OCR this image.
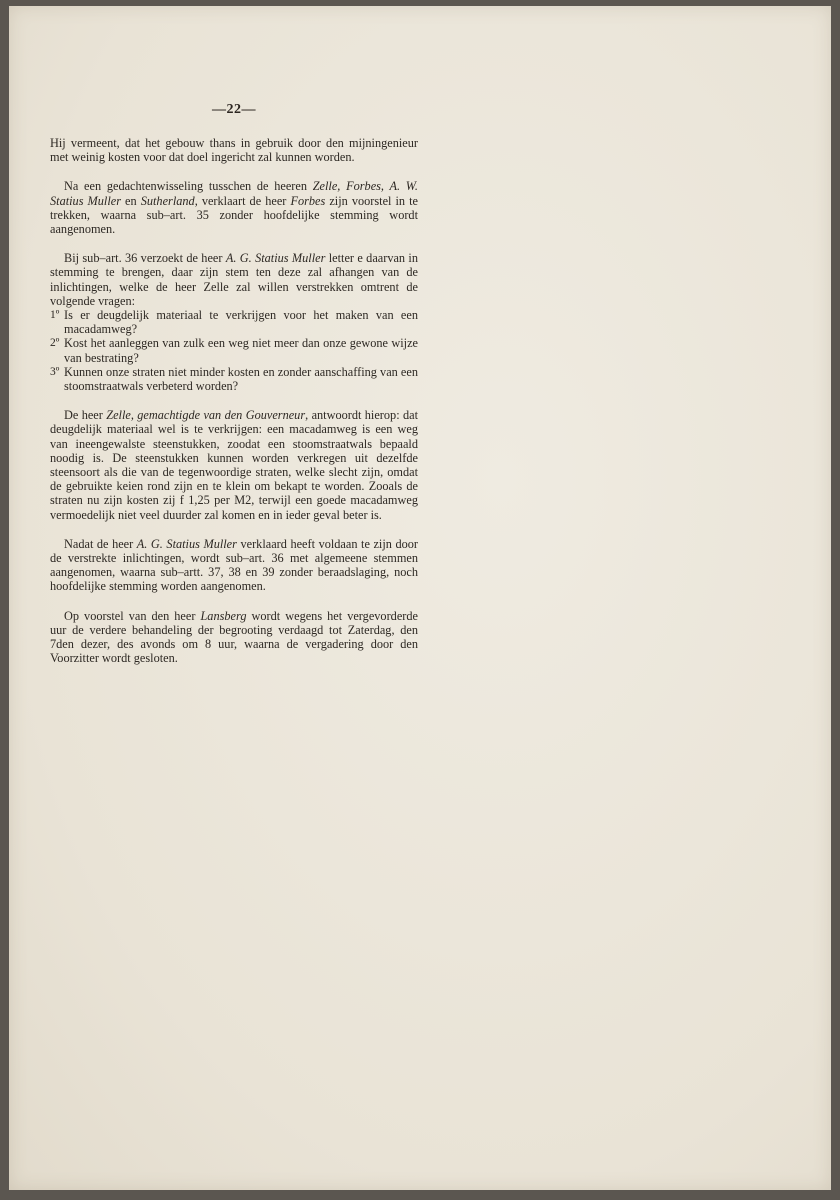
—22—

Hij vermeent, dat het gebouw thans in gebruik door den mijningenieur met weinig kosten voor dat doel ingericht zal kunnen worden.

Na een gedachtenwisseling tusschen de heeren Zelle, Forbes, A. W. Statius Muller en Sutherland, verklaart de heer Forbes zijn voorstel in te trekken, waarna sub–art. 35 zonder hoofdelijke stemming wordt aangenomen.

Bij sub–art. 36 verzoekt de heer A. G. Statius Muller letter e daarvan in stemming te brengen, daar zijn stem ten deze zal afhangen van de inlichtingen, welke de heer Zelle zal willen verstrekken omtrent de volgende vragen:

1º Is er deugdelijk materiaal te verkrijgen voor het maken van een macadamweg?
2º Kost het aanleggen van zulk een weg niet meer dan onze gewone wijze van bestrating?
3º Kunnen onze straten niet minder kosten en zonder aanschaffing van een stoomstraatwals verbeterd worden?

De heer Zelle, gemachtigde van den Gouverneur, antwoordt hierop: dat deugdelijk materiaal wel is te verkrijgen: een macadamweg is een weg van ineengewalste steenstukken, zoodat een stoomstraatwals bepaald noodig is. De steenstukken kunnen worden verkregen uit dezelfde steensoort als die van de tegenwoordige straten, welke slecht zijn, omdat de gebruikte keien rond zijn en te klein om bekapt te worden. Zooals de straten nu zijn kosten zij f 1,25 per M2, terwijl een goede macadamweg vermoedelijk niet veel duurder zal komen en in ieder geval beter is.

Nadat de heer A. G. Statius Muller verklaard heeft voldaan te zijn door de verstrekte inlichtingen, wordt sub–art. 36 met algemeene stemmen aangenomen, waarna sub–artt. 37, 38 en 39 zonder beraadslaging, noch hoofdelijke stemming worden aangenomen.

Op voorstel van den heer Lansberg wordt wegens het vergevorderde uur de verdere behandeling der begrooting verdaagd tot Zaterdag, den 7den dezer, des avonds om 8 uur, waarna de vergadering door den Voorzitter wordt gesloten.
